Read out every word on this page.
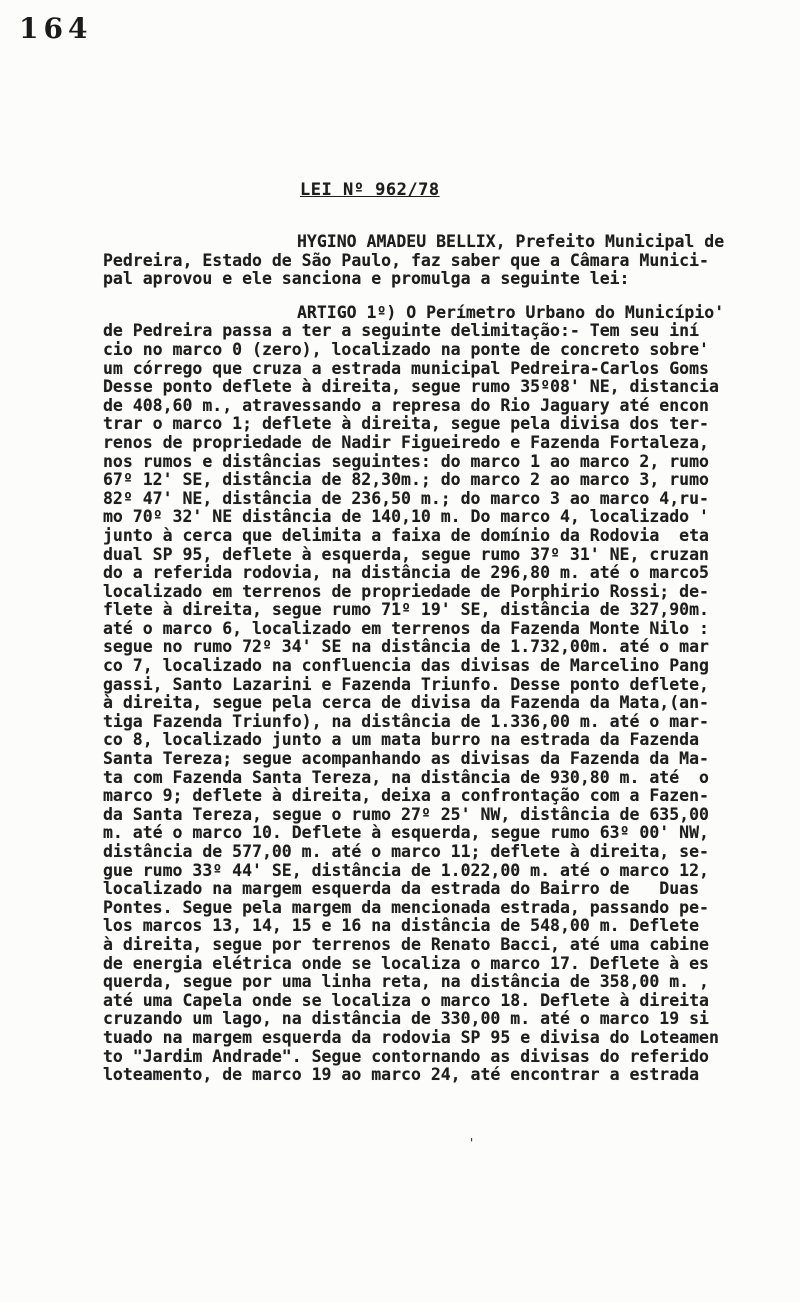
164
LEI Nº 962/78
HYGINO AMADEU BELLIX, Prefeito Municipal de
Pedreira, Estado de São Paulo, faz saber que a Câmara Munici-
pal aprovou e ele sanciona e promulga a seguinte lei:
ARTIGO 1º) O Perímetro Urbano do Município'
de Pedreira passa a ter a seguinte delimitação:- Tem seu iní
cio no marco 0 (zero), localizado na ponte de concreto sobre'
um córrego que cruza a estrada municipal Pedreira-Carlos Goms
Desse ponto deflete à direita, segue rumo 35º08' NE, distancia
de 408,60 m., atravessando a represa do Rio Jaguary até encon
trar o marco 1; deflete à direita, segue pela divisa dos ter-
renos de propriedade de Nadir Figueiredo e Fazenda Fortaleza,
nos rumos e distâncias seguintes: do marco 1 ao marco 2, rumo
67º 12' SE, distância de 82,30m.; do marco 2 ao marco 3, rumo
82º 47' NE, distância de 236,50 m.; do marco 3 ao marco 4,ru-
mo 70º 32' NE distância de 140,10 m. Do marco 4, localizado '
junto à cerca que delimita a faixa de domínio da Rodovia  eta
dual SP 95, deflete à esquerda, segue rumo 37º 31' NE, cruzan
do a referida rodovia, na distância de 296,80 m. até o marco5
localizado em terrenos de propriedade de Porphirio Rossi; de-
flete à direita, segue rumo 71º 19' SE, distância de 327,90m.
até o marco 6, localizado em terrenos da Fazenda Monte Nilo :
segue no rumo 72º 34' SE na distância de 1.732,00m. até o mar
co 7, localizado na confluencia das divisas de Marcelino Pang
gassi, Santo Lazarini e Fazenda Triunfo. Desse ponto deflete,
à direita, segue pela cerca de divisa da Fazenda da Mata,(an-
tiga Fazenda Triunfo), na distância de 1.336,00 m. até o mar-
co 8, localizado junto a um mata burro na estrada da Fazenda
Santa Tereza; segue acompanhando as divisas da Fazenda da Ma-
ta com Fazenda Santa Tereza, na distância de 930,80 m. até  o
marco 9; deflete à direita, deixa a confrontação com a Fazen-
da Santa Tereza, segue o rumo 27º 25' NW, distância de 635,00
m. até o marco 10. Deflete à esquerda, segue rumo 63º 00' NW,
distância de 577,00 m. até o marco 11; deflete à direita, se-
gue rumo 33º 44' SE, distância de 1.022,00 m. até o marco 12,
localizado na margem esquerda da estrada do Bairro de   Duas
Pontes. Segue pela margem da mencionada estrada, passando pe-
los marcos 13, 14, 15 e 16 na distância de 548,00 m. Deflete
à direita, segue por terrenos de Renato Bacci, até uma cabine
de energia elétrica onde se localiza o marco 17. Deflete à es
querda, segue por uma linha reta, na distância de 358,00 m. ,
até uma Capela onde se localiza o marco 18. Deflete à direita
cruzando um lago, na distância de 330,00 m. até o marco 19 si
tuado na margem esquerda da rodovia SP 95 e divisa do Loteamen
to "Jardim Andrade". Segue contornando as divisas do referido
loteamento, de marco 19 ao marco 24, até encontrar a estrada
'
